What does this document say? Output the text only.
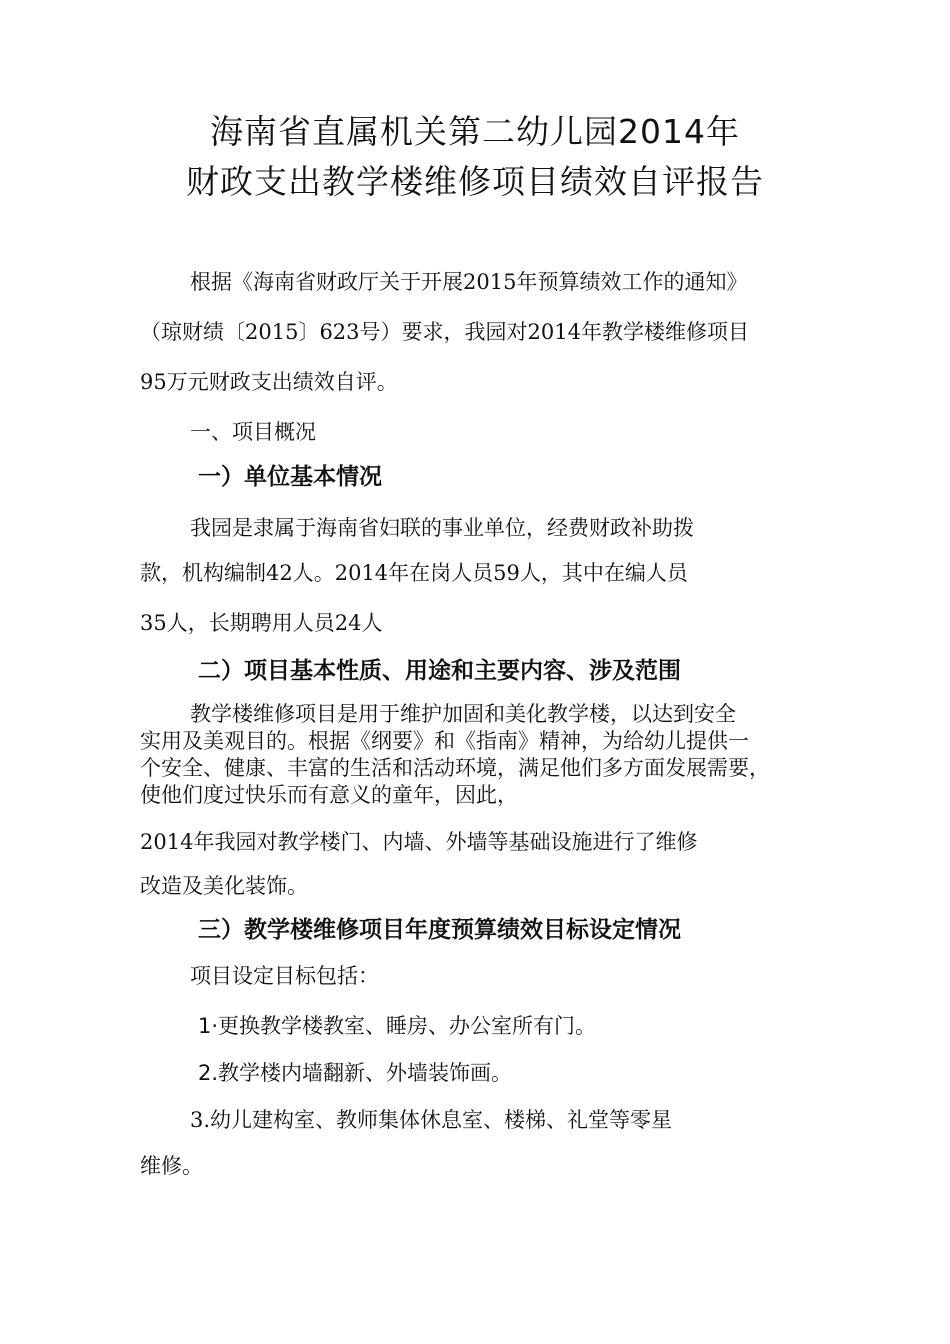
海南省直属机关第二幼儿园2014年
财政支出教学楼维修项目绩效自评报告
根据《海南省财政厅关于开展2015年预算绩效工作的通知》
（琼财绩〔2015〕623号）要求，我园对2014年教学楼维修项目
95万元财政支出绩效自评。
一、项目概况
一）单位基本情况
我园是隶属于海南省妇联的事业单位，经费财政补助拨
款，机构编制42人。2014年在岗人员59人，其中在编人员
35人，长期聘用人员24人
二）项目基本性质、用途和主要内容、涉及范围
教学楼维修项目是用于维护加固和美化教学楼，以达到安全
实用及美观目的。根据《纲要》和《指南》精神，为给幼儿提供一
个安全、健康、丰富的生活和活动环境，满足他们多方面发展需要，
使他们度过快乐而有意义的童年，因此，
2014年我园对教学楼门、内墙、外墙等基础设施进行了维修
改造及美化装饰。
三）教学楼维修项目年度预算绩效目标设定情况
项目设定目标包括：
1·更换教学楼教室、睡房、办公室所有门。
2.教学楼内墙翻新、外墙装饰画。
3.幼儿建构室、教师集体休息室、楼梯、礼堂等零星
维修。
